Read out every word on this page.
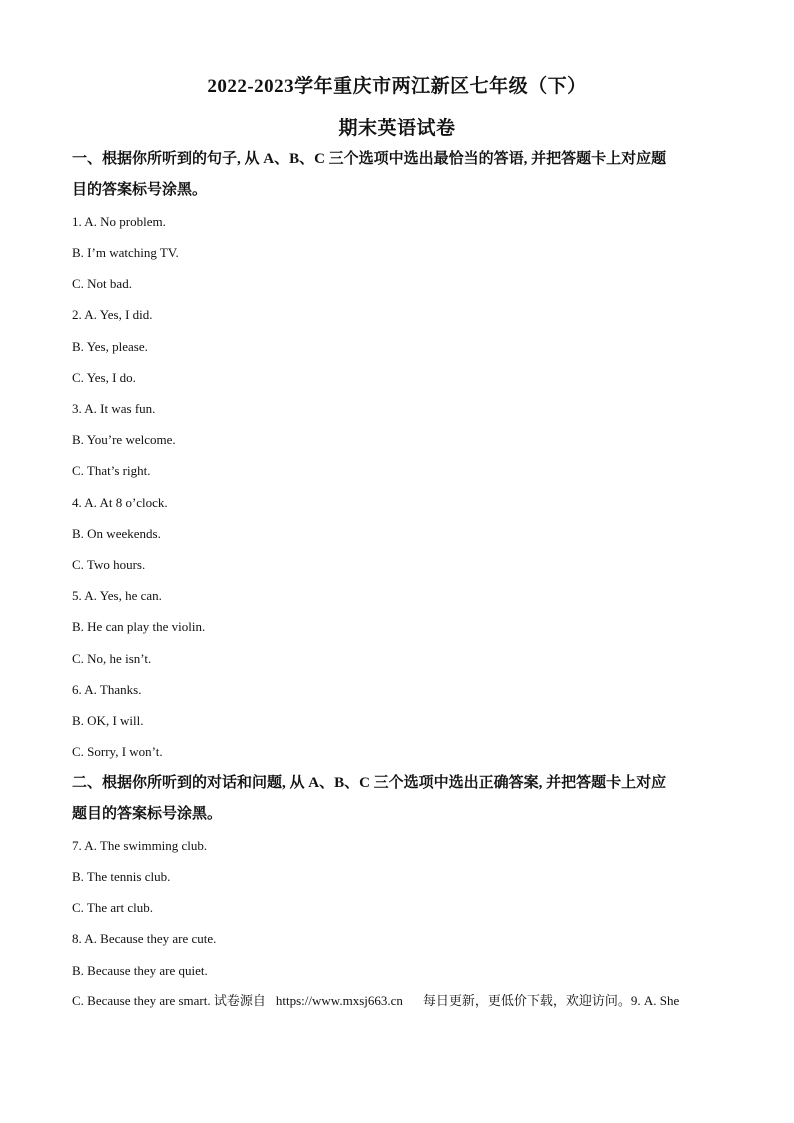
2022-2023学年重庆市两江新区七年级（下）
期末英语试卷
一、根据你所听到的句子, 从 A、B、C 三个选项中选出最恰当的答语, 并把答题卡上对应题
目的答案标号涂黑。
1. A. No problem.
B. I’m watching TV.
C. Not bad.
2. A. Yes, I did.
B. Yes, please.
C. Yes, I do.
3. A. It was fun.
B. You’re welcome.
C. That’s right.
4. A. At 8 o’clock.
B. On weekends.
C. Two hours.
5. A. Yes, he can.
B. He can play the violin.
C. No, he isn’t.
6. A. Thanks.
B. OK, I will.
C. Sorry, I won’t.
二、根据你所听到的对话和问题, 从 A、B、C 三个选项中选出正确答案, 并把答题卡上对应
题目的答案标号涂黑。
7. A. The swimming club.
B. The tennis club.
C. The art club.
8. A. Because they are cute.
B. Because they are quiet.
C. Because they are smart. 试卷源自 https://www.mxsj663.cn 每日更新，更低价下载，欢迎访问。9. A. She
